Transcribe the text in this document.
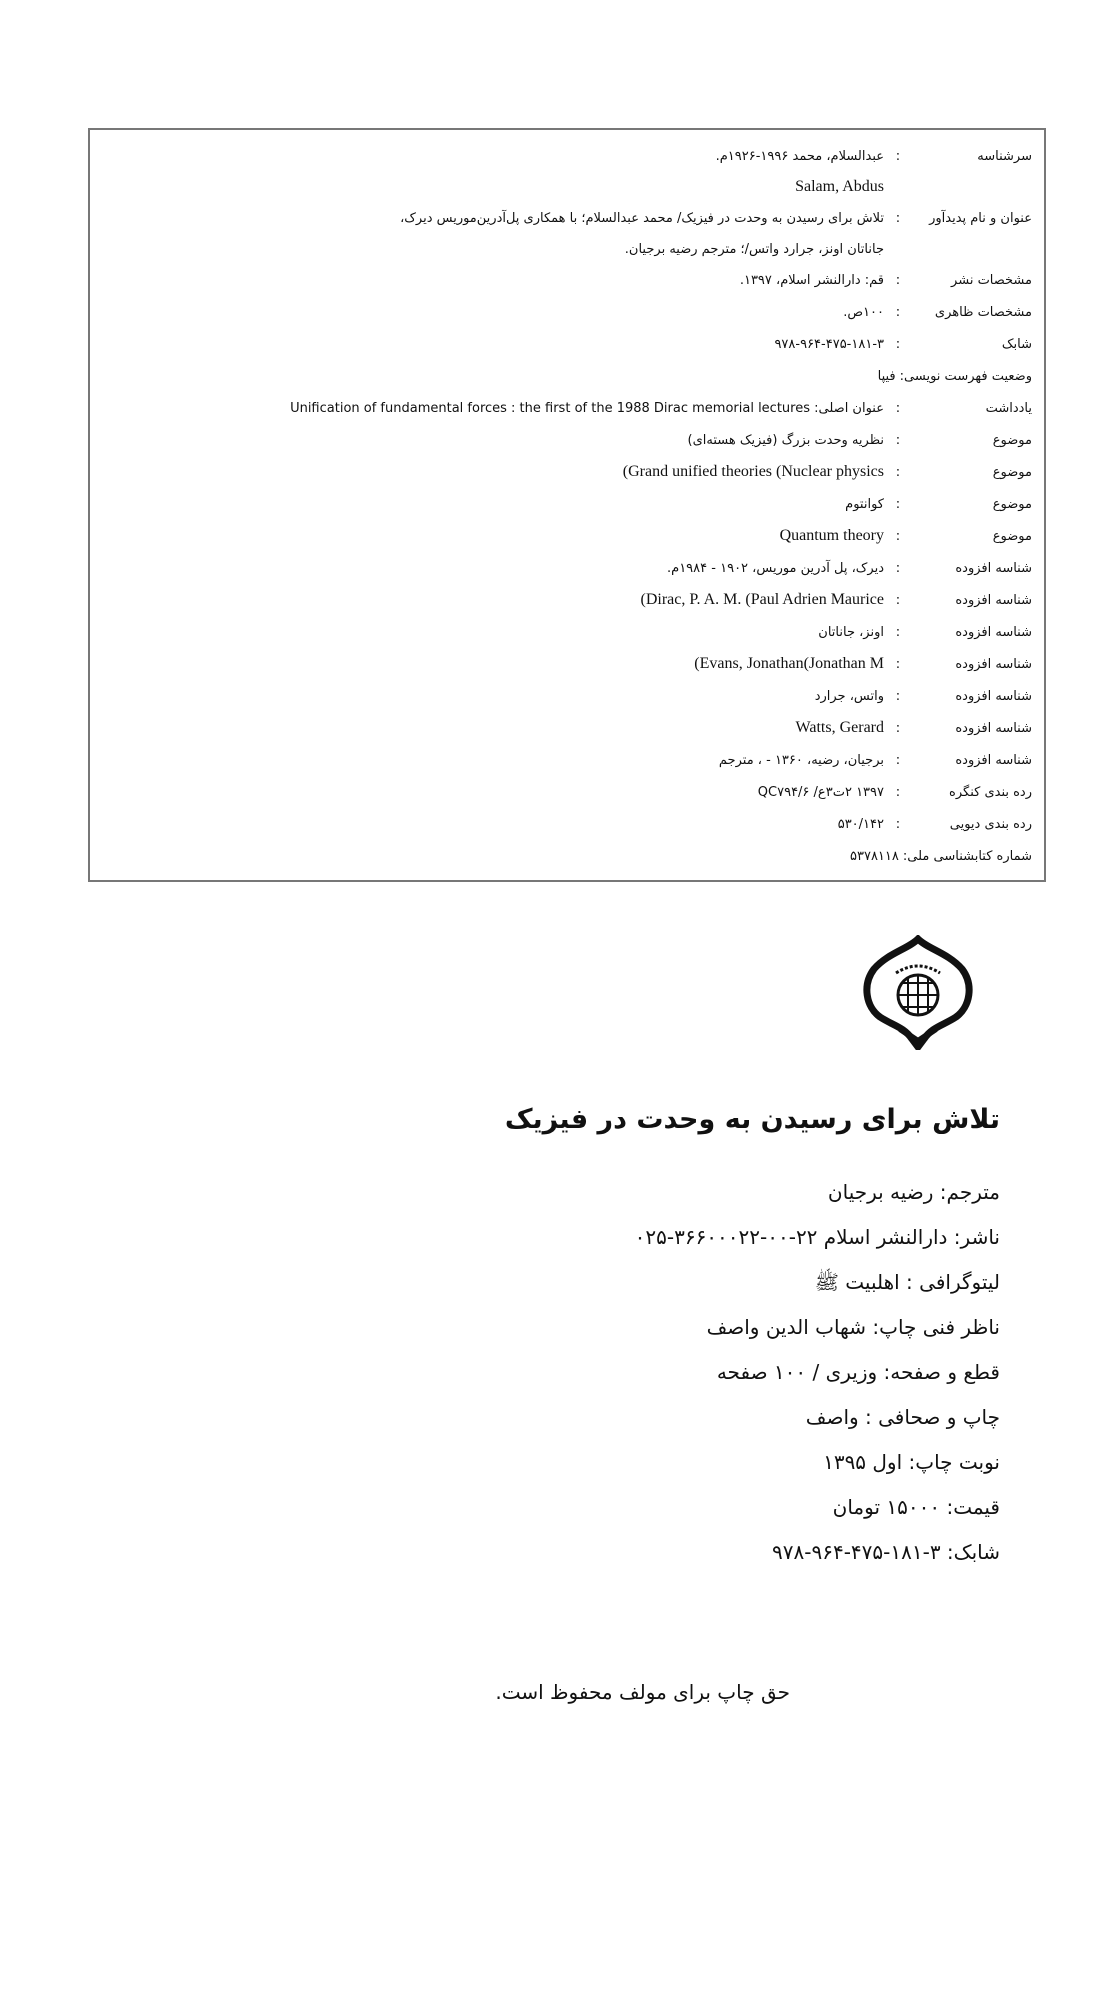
سرشناسه
:
عبدالسلام، محمد ۱۹۹۶-۱۹۲۶م.
Salam, Abdus
عنوان و نام پدیدآور
:
تلاش برای رسیدن به وحدت در فیزیک/ محمد عبدالسلام؛ با همکاری پل‌آدرین‌موریس دیرک،
جاناتان اونز، جرارد واتس/؛ مترجم رضیه برجیان.
مشخصات نشر
:
قم: دارالنشر اسلام، ۱۳۹۷.
مشخصات ظاهری
:
۱۰۰ص.
شابک
:
۹۷۸-۹۶۴-۴۷۵-۱۸۱-۳
وضعیت فهرست نویسی:
فیپا
یادداشت
:
عنوان اصلی: Unification of fundamental forces : the first of the 1988 Dirac memorial lectures
موضوع
:
نظریه وحدت بزرگ (فیزیک هسته‌ای)
موضوع
:
(Grand unified theories (Nuclear physics
موضوع
:
کوانتوم
موضوع
:
Quantum theory
شناسه افزوده
:
دیرک، پل آدرین موریس، ۱۹۰۲ - ۱۹۸۴م.
شناسه افزوده
:
(Dirac, P. A. M. (Paul Adrien Maurice
شناسه افزوده
:
اونز، جاناتان
شناسه افزوده
:
(Evans, Jonathan(Jonathan M
شناسه افزوده
:
واتس، جرارد
شناسه افزوده
:
Watts, Gerard
شناسه افزوده
:
برجیان، رضیه، ۱۳۶۰ - ، مترجم
رده بندی کنگره
:
۱۳۹۷ ۲ت۳ع/ QC۷۹۴/۶
رده بندی دیویی
:
۵۳۰/۱۴۲
شماره کتابشناسی ملی:
۵۳۷۸۱۱۸
تلاش برای رسیدن به وحدت در فیزیک
مترجم: رضیه برجیان
ناشر: دارالنشر اسلام ۲۲-۰۰-۳۶۶۰۰۰۲۲-۰۲۵
لیتوگرافی : اهلبیت ﷺ
ناظر فنی چاپ: شهاب الدین واصف
قطع و صفحه: وزیری / ۱۰۰ صفحه
چاپ و صحافی : واصف
نوبت چاپ: اول ۱۳۹۵
قیمت: ۱۵۰۰۰ تومان
شابک: ۳-۱۸۱-۴۷۵-۹۶۴-۹۷۸
حق چاپ برای مولف محفوظ است.
